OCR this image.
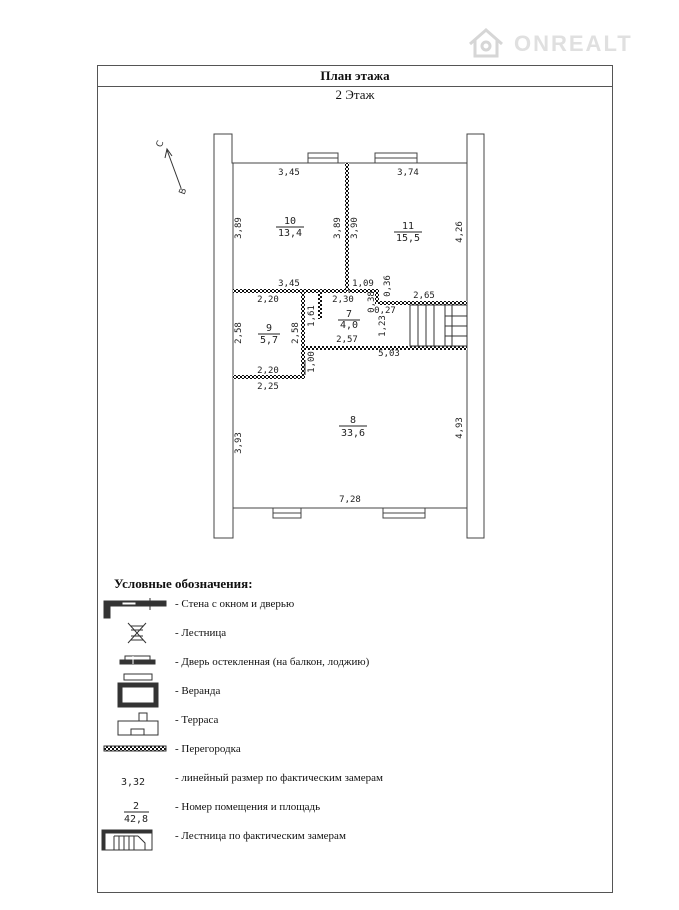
ONREALT
План этажа
2 Этаж
С
В
10
13,4
11
15,5
9
5,7
7
4,0
8
33,6
3,45	3,74
3,89	3,89 3,90	4,26
3,45	1,09 0,36
2,20	2,30 0,38	2,65
0,27
1,61
2,58	2,58	1,23
2,57
5,03
1,00
2,20
2,25
3,93
4,93
7,28
3,32
2
42,8
Условные обозначения:
- Стена с окном и дверью
- Лестница
- Дверь остекленная (на балкон, лоджию)
- Веранда
- Терраса
- Перегородка
- линейный размер по фактическим замерам
- Номер помещения и площадь
- Лестница по фактическим замерам
